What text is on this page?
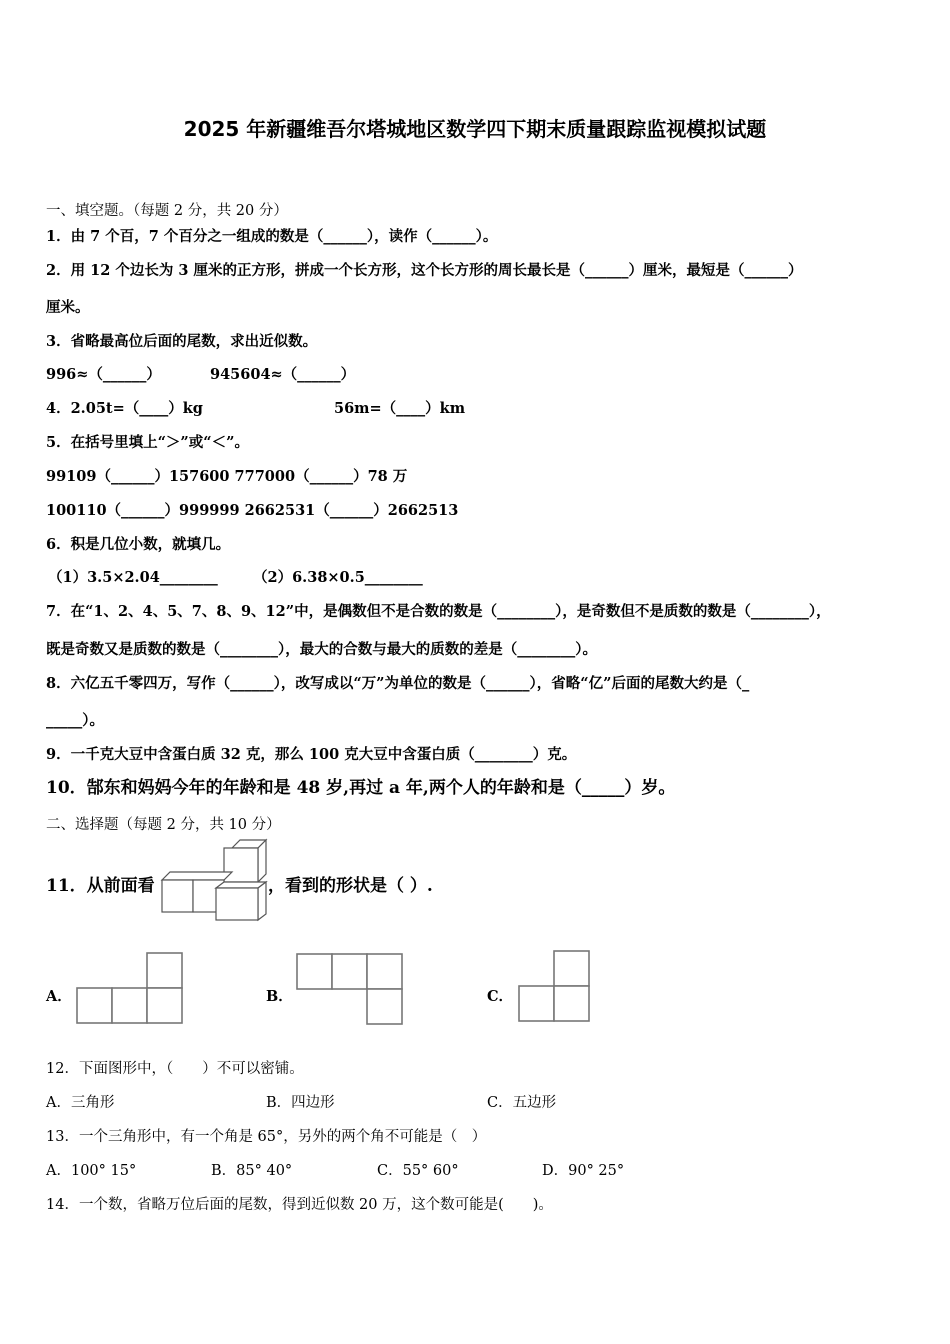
2025 年新疆维吾尔塔城地区数学四下期末质量跟踪监视模拟试题
一、填空题。（每题 2 分，共 20 分）
1．由 7 个百，7 个百分之一组成的数是（______），读作（______）。
2．用 12 个边长为 3 厘米的正方形，拼成一个长方形，这个长方形的周长最长是（______）厘米，最短是（______）
厘米。
3．省略最高位后面的尾数，求出近似数。
996≈（______）	945604≈（______）
4．2.05t=（____）kg	56m=（____）km
5．在括号里填上“＞”或“＜”。
99109（______）157600 777000（______）78 万
100110（______）999999 2662531（______）2662513
6．积是几位小数，就填几。
（1）3.5×2.04________ （2）6.38×0.5________
7．在“1、2、4、5、7、8、9、12”中，是偶数但不是合数的数是（________），是奇数但不是质数的数是（________），
既是奇数又是质数的数是（________），最大的合数与最大的质数的差是（________）。
8．六亿五千零四万，写作（______），改写成以“万”为单位的数是（______），省略“亿”后面的尾数大约是（_
_____）。
9．一千克大豆中含蛋白质 32 克，那么 100 克大豆中含蛋白质（________）克。
10．郜东和妈妈今年的年龄和是 48 岁,再过 a 年,两个人的年龄和是（_____）岁。
二、选择题（每题 2 分，共 10 分）
11．从前面看	，看到的形状是（ ）.
A．	B．	C．
12．下面图形中，（　　）不可以密铺。
A．三角形	B．四边形	C．五边形
13．一个三角形中，有一个角是 65°，另外的两个角不可能是（　）
A．100° 15°	B．85° 40°	C．55° 60°	D．90° 25°
14．一个数，省略万位后面的尾数，得到近似数 20 万，这个数可能是(　　)。
